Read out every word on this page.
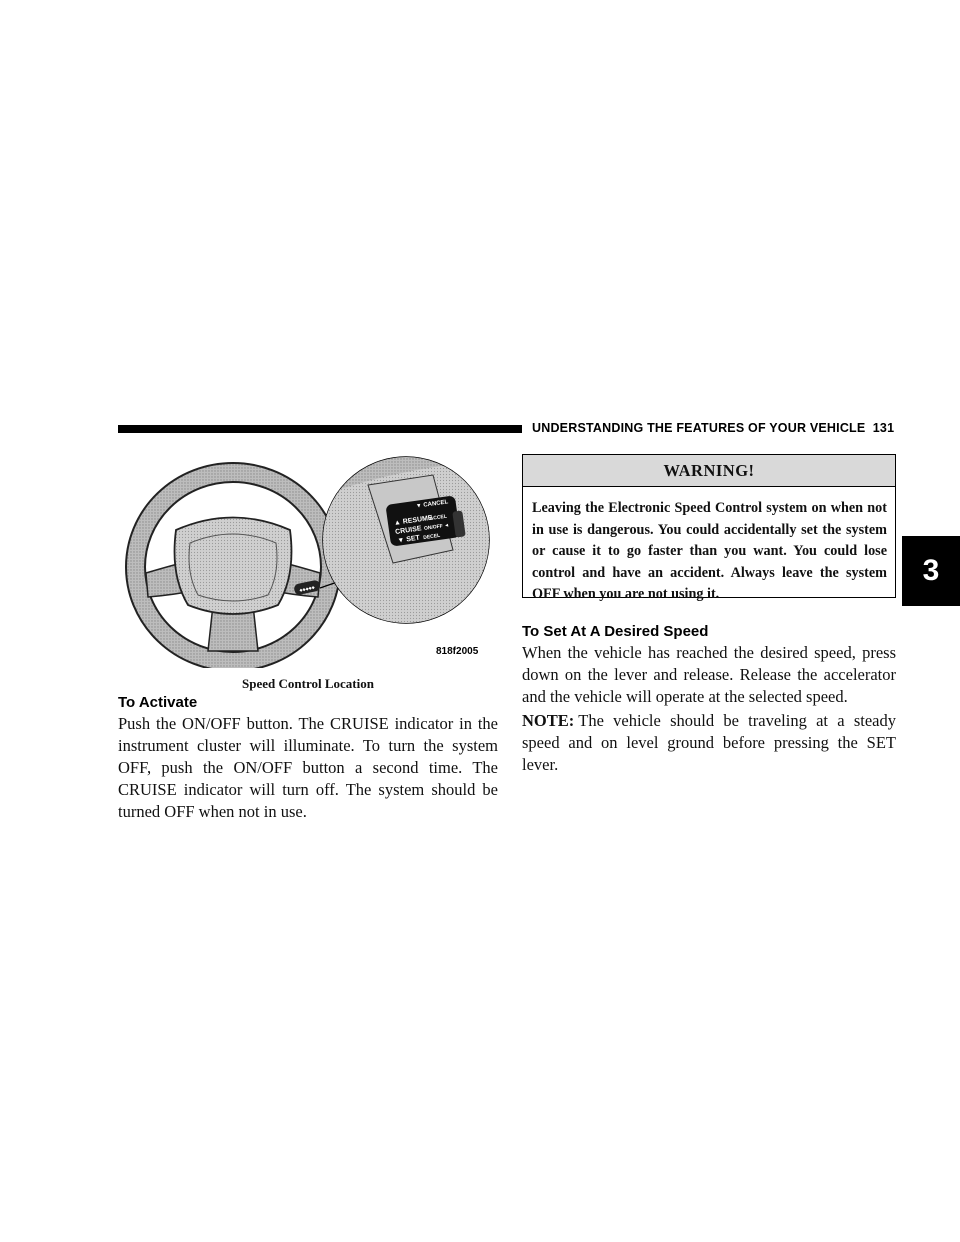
UNDERSTANDING THE FEATURES OF YOUR VEHICLE 131
3
◆◆◆◆◆
▼ CANCEL
▲ RESUME
ACCEL
CRUISE ON/OFF ◄
▼ SET DECEL
818f2005
Speed Control Location
To Activate

Push the ON/OFF button. The CRUISE indicator in the instrument cluster will illuminate. To turn the system OFF, push the ON/OFF button a second time. The CRUISE indicator will turn off. The system should be turned OFF when not in use.

WARNING!
Leaving the Electronic Speed Control system on when not in use is dangerous. You could accidentally set the system or cause it to go faster than you want. You could lose control and have an accident. Always leave the system OFF when you are not using it.
To Set At A Desired Speed

When the vehicle has reached the desired speed, press down on the lever and release. Release the accelerator and the vehicle will operate at the selected speed.

NOTE: The vehicle should be traveling at a steady speed and on level ground before pressing the SET lever.
